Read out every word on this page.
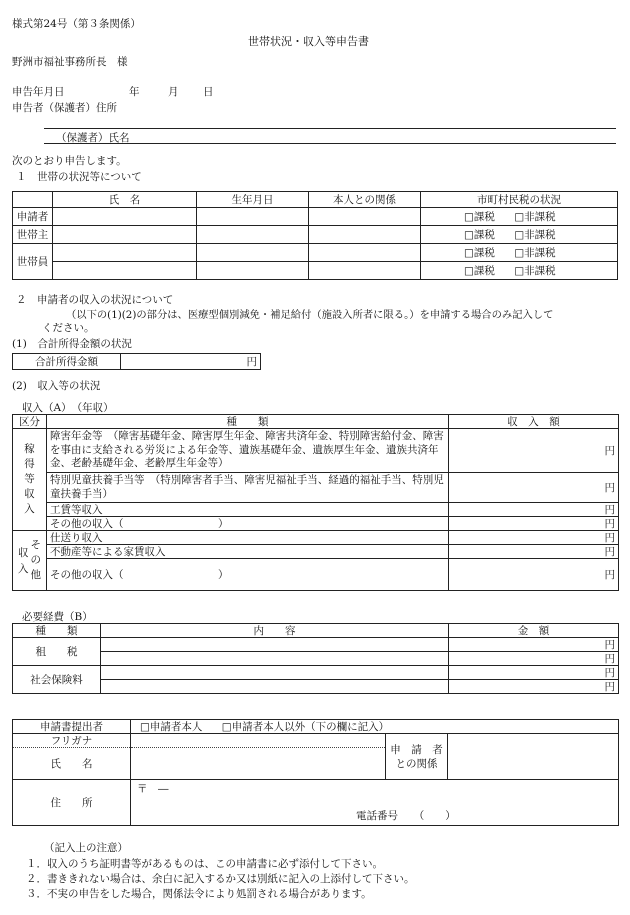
様式第24号（第３条関係）
世帯状況・収入等申告書
野洲市福祉事務所長　様
申告年月日	年	月 日
申告者（保護者）住所
（保護者）氏名
次のとおり申告します。
１　世帯の状況等について
	氏　名	生年月日	本人との関係	市町村民税の状況
申請者				□課税 □非課税
世帯主				□課税 □非課税
世帯員				□課税 □非課税
				□課税 □非課税
２　申請者の収入の状況について
（以下の(1)(2)の部分は、医療型個別減免・補足給付（施設入所者に限る。）を申請する場合のみ記入して
ください。
(1)　合計所得金額の状況
合計所得金額	円
(2)　収入等の状況
収入（A）　（年収）
区分	種　　類	収　入　額

稼
得
等
収
入	障害年金等　（障害基礎年金、障害厚生年金、障害共済年金、特別障害給付金、障害を事由に支給される労災による年金等、遺族基礎年金、遺族厚生年金、遺族共済年金、老齢基礎年金、老齢厚生年金等）	円
	特別児童扶養手当等　（特別障害者手当、障害児福祉手当、経過的福祉手当、特別児童扶養手当）	円
	工賃等収入	円
	その他の収入（　　　　　　　　　）	円

収
入
そ
の
他	仕送り収入	円
	不動産等による家賃収入	円
	その他の収入（　　　　　　　　　）	円
必要経費（B）
種　　類	内　　容	金　額
租　　税		円
		円
社会保険料		円
		円
申請書提出者	□申請者本人 □申請者本人以外（下の欄に記入）		
フリガナ		申　請　者
との関係	

氏　　名			
住　　所	〒　―
電話番号　　（　　）		
（記入上の注意）
１．収入のうち証明書等があるものは、この申請書に必ず添付して下さい。
２．書ききれない場合は、余白に記入するか又は別紙に記入の上添付して下さい。
３．不実の申告をした場合，関係法令により処罰される場合があります。
